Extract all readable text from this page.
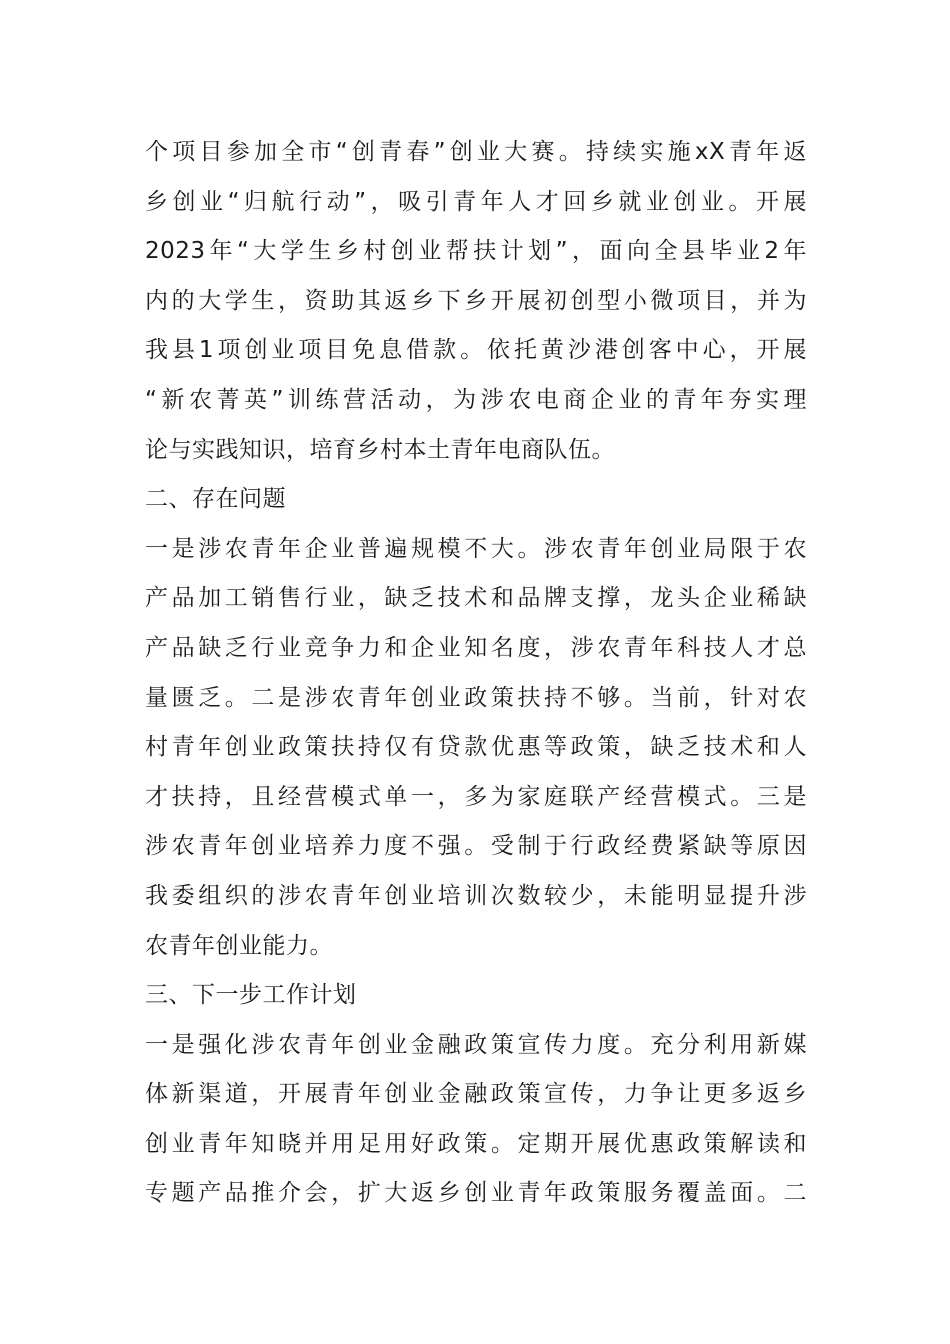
个项目参加全市“创青春”创业大赛。持续实施xX青年返
乡创业“归航行动”，吸引青年人才回乡就业创业。开展
2023年“大学生乡村创业帮扶计划”，面向全县毕业2年
内的大学生，资助其返乡下乡开展初创型小微项目，并为
我县1项创业项目免息借款。依托黄沙港创客中心，开展
“新农菁英”训练营活动，为涉农电商企业的青年夯实理
论与实践知识，培育乡村本土青年电商队伍。
二、存在问题
一是涉农青年企业普遍规模不大。涉农青年创业局限于农
产品加工销售行业，缺乏技术和品牌支撑，龙头企业稀缺
产品缺乏行业竞争力和企业知名度，涉农青年科技人才总
量匮乏。二是涉农青年创业政策扶持不够。当前，针对农
村青年创业政策扶持仅有贷款优惠等政策，缺乏技术和人
才扶持，且经营模式单一，多为家庭联产经营模式。三是
涉农青年创业培养力度不强。受制于行政经费紧缺等原因
我委组织的涉农青年创业培训次数较少，未能明显提升涉
农青年创业能力。
三、下一步工作计划
一是强化涉农青年创业金融政策宣传力度。充分利用新媒
体新渠道，开展青年创业金融政策宣传，力争让更多返乡
创业青年知晓并用足用好政策。定期开展优惠政策解读和
专题产品推介会，扩大返乡创业青年政策服务覆盖面。二
